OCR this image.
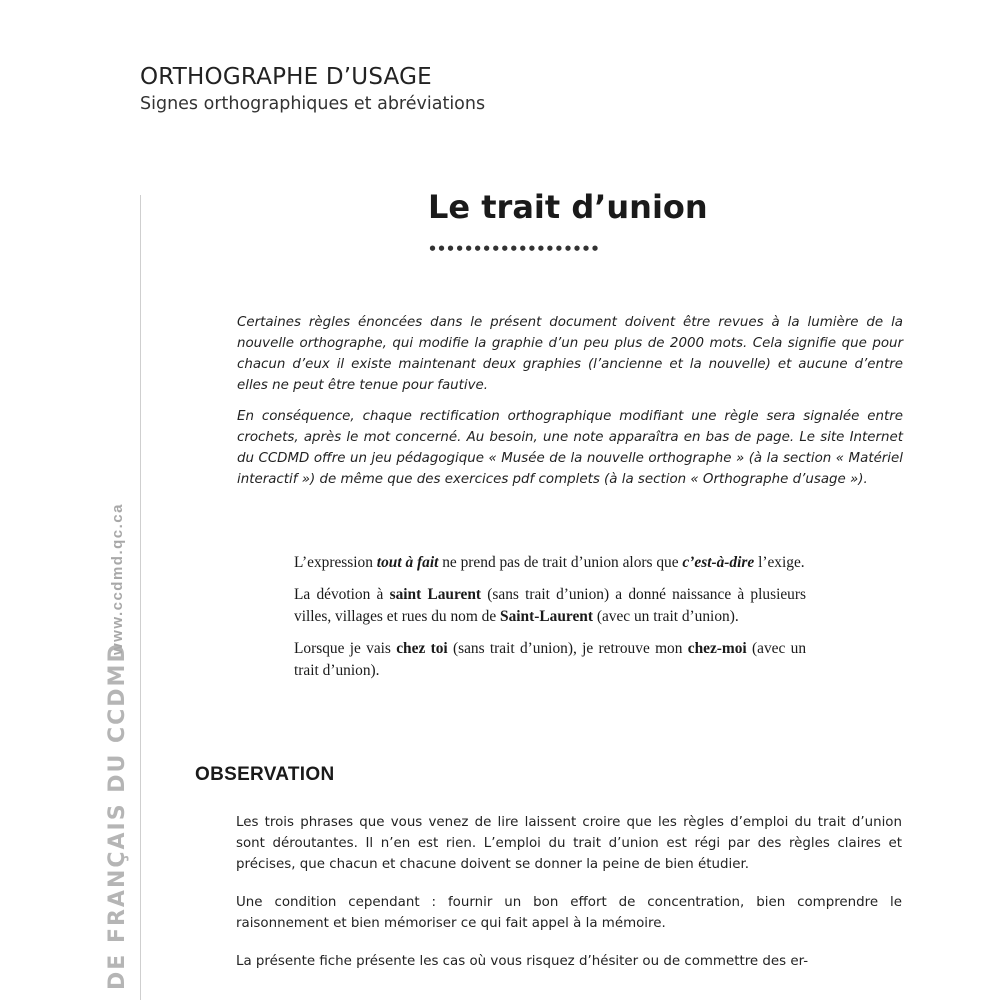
ORTHOGRAPHE D’USAGE
Signes orthographiques et abréviations
DE FRANÇAIS DU CCDMD
www.ccdmd.qc.ca
Le trait d’union
•••••••••••••••••••

Certaines règles énoncées dans le présent document doivent être revues à la lumière de la nouvelle orthographe, qui modifie la graphie d’un peu plus de 2000 mots. Cela signifie que pour chacun d’eux il existe maintenant deux graphies (l’ancienne et la nouvelle) et aucune d’entre elles ne peut être tenue pour fautive.

En conséquence, chaque rectification orthographique modifiant une règle sera signalée entre crochets, après le mot concerné. Au besoin, une note apparaîtra en bas de page. Le site Internet du CCDMD offre un jeu pédagogique « Musée de la nouvelle orthographe » (à la section « Matériel interactif ») de même que des exercices pdf complets (à la section « Orthographe d’usage »).

L’expression tout à fait ne prend pas de trait d’union alors que c’est-à-dire l’exige.

La dévotion à saint Laurent (sans trait d’union) a donné naissance à plusieurs villes, villages et rues du nom de Saint-Laurent (avec un trait d’union).

Lorsque je vais chez toi (sans trait d’union), je retrouve mon chez-moi (avec un trait d’union).

OBSERVATION

Les trois phrases que vous venez de lire laissent croire que les règles d’emploi du trait d’union sont déroutantes. Il n’en est rien. L’emploi du trait d’union est régi par des règles claires et précises, que chacun et chacune doivent se donner la peine de bien étudier.

Une condition cependant : fournir un bon effort de concentration, bien comprendre le raisonnement et bien mémoriser ce qui fait appel à la mémoire.

La présente fiche présente les cas où vous risquez d’hésiter ou de commettre des er-
